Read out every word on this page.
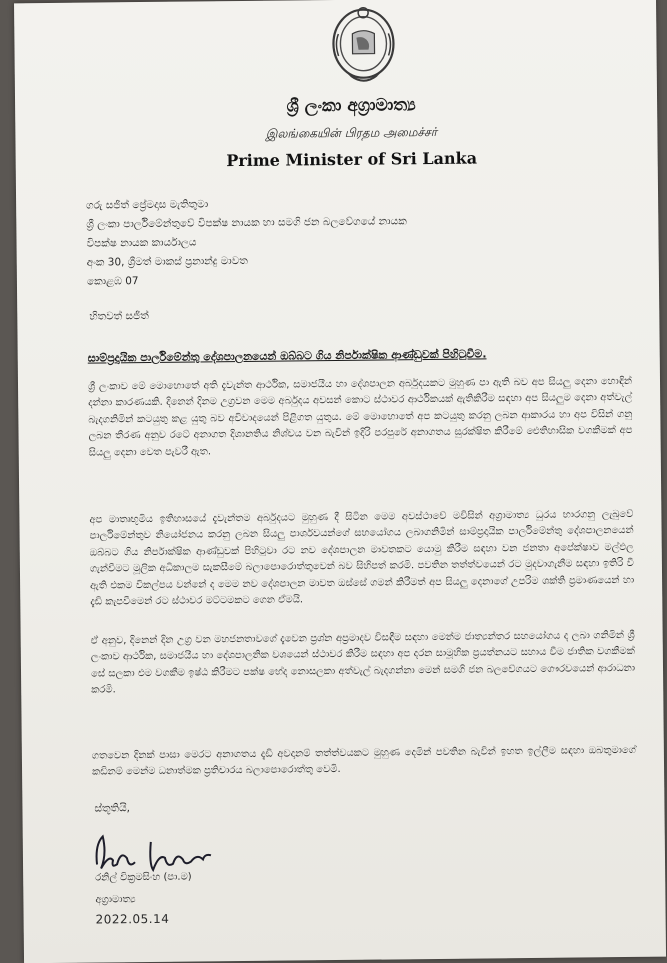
ශ්‍රී ලංකා අග්‍රාමාත්‍ය
இலங்கையின் பிரதம அமைச்சர்
Prime Minister of Sri Lanka
ගරු සජිත් ප්‍රේමදාස මැතිතුමා
ශ්‍රී ලංකා පාර්ලිමේන්තුවේ විපක්ෂ නායක හා සමගි ජන බලවේගයේ නායක
විපක්ෂ නායක කාර්යාලය
අංක 30, ශ්‍රීමත් මාකස් ප්‍රනාන්දු මාවත
කොළඹ 07
හිතවත් සජිත්
සාම්ප්‍රදායික පාර්ලිමේන්තු දේශපාලනයෙන් ඔබ්බට ගිය නිර්පාක්ෂික ආණ්ඩුවක් පිහිටුවීම.
ශ්‍රී ලංකාව මේ මොහොතේ අති දැවැන්ත ආර්ථික, සමාජයීය හා දේශපාලන අර්බුදයකට මුහුණ පා ඇති බව අප සියලු දෙනා හොඳින් දන්නා කාරණයකි. දිනෙන් දිනම උග්‍රවන මෙම අර්බුදය අවසන් කොට ස්ථාවර ආර්ථිකයක් ඇතිකිරීම සඳහා අප සියලුම දෙනා අත්වැල් බැදගනිමින් කටයුතු කළ යුතු බව අවිවාදයෙන් පිළිගත යුතුය. මේ මොහොතේ අප කටයුතු කරනු ලබන ආකාරය හා අප විසින් ගනු ලබන තීරණ අනුව රටේ අනාගත දිශානතිය නිශ්චය වන බැවින් ඉදිරි පරපුරේ අනාගතය සුරක්ෂිත කිරීමේ ඓතිහාසික වගකීමක් අප සියලු දෙනා වෙත පැවරී ඇත.
අප මාතෘභූමිය ඉතිහාසයේ දැවැන්තම අර්බුදයට මුහුණ දී සිටින මෙම අවස්ථාවේ මවිසින් අග්‍රාමාත්‍ය ධුරය භාරගනු ලැබුවේ පාර්ලිමේන්තුව නියෝජනය කරනු ලබන සියලු පාර්ශවයන්ගේ සහයෝගය ලබාගනිමින් සාම්ප්‍රදායික පාර්ලිමේන්තු දේශපාලනයෙන් ඔබ්බට ගිය නිර්පාක්ෂික ආණ්ඩුවක් පිහිටුවා රට නව දේශපාලන මාවතකට යොමු කිරීම සඳහා වන ජනතා අපේක්ෂාව මල්ඵල ගැන්වීමට මූලික අධිකාලම සැකසීමේ බලාපොරොත්තුවෙන් බව සිහිපත් කරමි. පවතින තත්ත්වයෙන් රට මුදවාගැනීම සඳහා ඉතිරි වී ඇති එකම විකල්පය වන්නේ ද මෙම නව දේශපාලන මාවත ඔස්සේ ගමන් කිරීමත් අප සියලු දෙනාගේ උපරිම ශක්ති ප්‍රමාණයෙන් හා දැඩි කැපවීමෙන් රට ස්ථාවර මට්ටමකට ගෙන ඒමයි.
ඒ අනුව, දිනෙන් දින උග්‍ර වන මහජනතාවගේ දැවෙන ප්‍රශ්න අප්‍රමාදව විසඳීම සඳහා මෙන්ම ජාත්‍යන්තර සහයෝගය ද ලබා ගනිමින් ශ්‍රී ලංකාව ආර්ථික, සමාජයීය හා දේශපාලනික වශයෙන් ස්ථාවර කිරීම සඳහා අප දරන සාමූහික ප්‍රයත්නයට සහාය වීම ජාතික වගකීමක් සේ සලකා එම වගකීම ඉෂ්ඨ කිරීමට පක්ෂ භේද නොසලකා අත්වැල් බැදගන්නා මෙන් සමගි ජන බලවේගයට ගෞරවයෙන් ආරාධනා කරමි.
ගතවෙන දිනක් පාසා මෙරට අනාගතය දැඩි අවදානම් තත්ත්වයකට මුහුණ දෙමින් පවතින බැවින් ඉහත ඉල්ලීම සඳහා ඔබතුමාගේ කඩිනම් මෙන්ම ධනාත්මක ප්‍රතිචාරය බලාපොරොත්තු වෙමි.
ස්තූතියි,
රනිල් වික්‍රමසිංහ (පා.ම)
අග්‍රාමාත්‍ය
2022.05.14
